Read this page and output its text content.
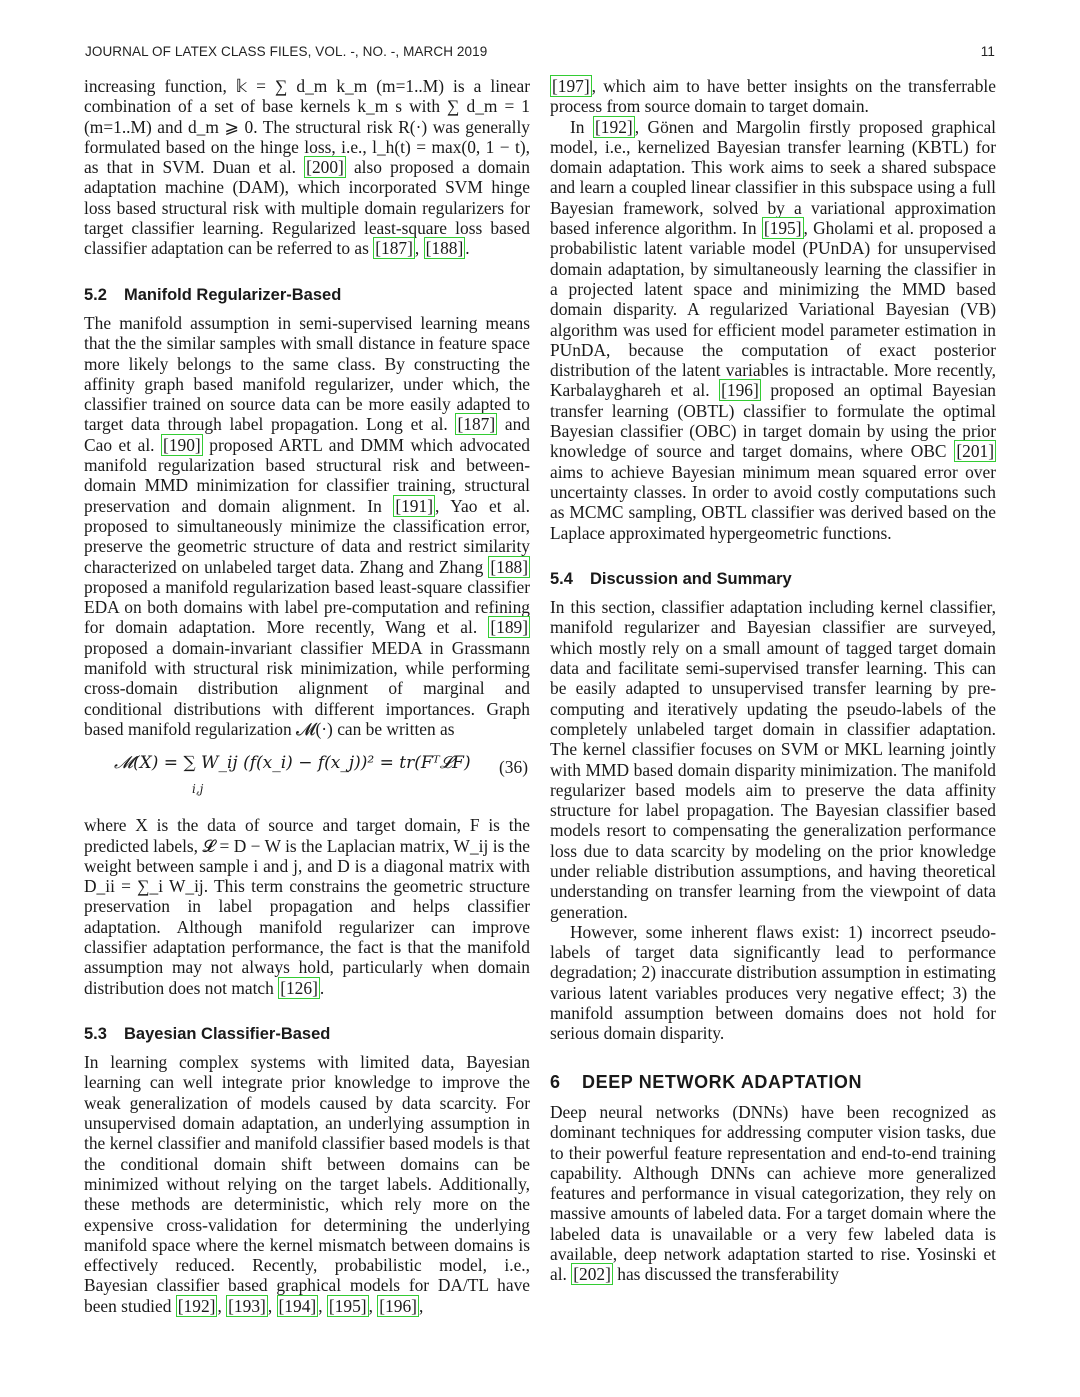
JOURNAL OF LATEX CLASS FILES, VOL. -, NO. -, MARCH 2019	11

increasing function, 𝕜 = ∑ d_m k_m (m=1..M) is a linear combination of a set of base kernels k_m s with ∑ d_m = 1 (m=1..M) and d_m ⩾ 0. The structural risk R(·) was generally formulated based on the hinge loss, i.e., l_h(t) = max(0, 1 − t), as that in SVM. Duan et al. [200] also proposed a domain adaptation machine (DAM), which incorporated SVM hinge loss based structural risk with multiple domain regularizers for target classifier learning. Regularized least-square loss based classifier adaptation can be referred to as [187] , [188] .

5.2 Manifold Regularizer-Based

The manifold assumption in semi-supervised learning means that the the similar samples with small distance in feature space more likely belongs to the same class. By constructing the affinity graph based manifold regularizer, under which, the classifier trained on source data can be more easily adapted to target data through label propagation. Long et al. [187] and Cao et al. [190] proposed ARTL and DMM which advocated manifold regularization based structural risk and between-domain MMD minimization for classifier training, structural preservation and domain alignment. In [191] , Yao et al. proposed to simultaneously minimize the classification error, preserve the geometric structure of data and restrict similarity characterized on unlabeled target data. Zhang and Zhang [188] proposed a manifold regularization based least-square classifier EDA on both domains with label pre-computation and refining for domain adaptation. More recently, Wang et al. [189] proposed a domain-invariant classifier MEDA in Grassmann manifold with structural risk minimization, while performing cross-domain distribution alignment of marginal and conditional distributions with different importances. Graph based manifold regularization 𝓜(·) can be written as

𝓜(X) = ∑ W_ij (f(x_i) − f(x_j))² = tr(Fᵀ𝓛F)
i,j
(36)

where X is the data of source and target domain, F is the predicted labels, 𝓛 = D − W is the Laplacian matrix, W_ij is the weight between sample i and j, and D is a diagonal matrix with D_ii = ∑_i W_ij. This term constrains the geometric structure preservation in label propagation and helps classifier adaptation. Although manifold regularizer can improve classifier adaptation performance, the fact is that the manifold assumption may not always hold, particularly when domain distribution does not match [126] .

5.3 Bayesian Classifier-Based

In learning complex systems with limited data, Bayesian learning can well integrate prior knowledge to improve the weak generalization of models caused by data scarcity. For unsupervised domain adaptation, an underlying assumption in the kernel classifier and manifold classifier based models is that the conditional domain shift between domains can be minimized without relying on the target labels. Additionally, these methods are deterministic, which rely more on the expensive cross-validation for determining the underlying manifold space where the kernel mismatch between domains is effectively reduced. Recently, probabilistic model, i.e., Bayesian classifier based graphical models for DA/TL have been studied [192] , [193] , [194] , [195] , [196] ,

[197] , which aim to have better insights on the transferrable process from source domain to target domain.

In [192] , Gönen and Margolin firstly proposed graphical model, i.e., kernelized Bayesian transfer learning (KBTL) for domain adaptation. This work aims to seek a shared subspace and learn a coupled linear classifier in this subspace using a full Bayesian framework, solved by a variational approximation based inference algorithm. In [195] , Gholami et al. proposed a probabilistic latent variable model (PUnDA) for unsupervised domain adaptation, by simultaneously learning the classifier in a projected latent space and minimizing the MMD based domain disparity. A regularized Variational Bayesian (VB) algorithm was used for efficient model parameter estimation in PUnDA, because the computation of exact posterior distribution of the latent variables is intractable. More recently, Karbalayghareh et al. [196] proposed an optimal Bayesian transfer learning (OBTL) classifier to formulate the optimal Bayesian classifier (OBC) in target domain by using the prior knowledge of source and target domains, where OBC [201] aims to achieve Bayesian minimum mean squared error over uncertainty classes. In order to avoid costly computations such as MCMC sampling, OBTL classifier was derived based on the Laplace approximated hypergeometric functions.

5.4 Discussion and Summary

In this section, classifier adaptation including kernel classifier, manifold regularizer and Bayesian classifier are surveyed, which mostly rely on a small amount of tagged target domain data and facilitate semi-supervised transfer learning. This can be easily adapted to unsupervised transfer learning by pre-computing and iteratively updating the pseudo-labels of the completely unlabeled target domain in classifier adaptation. The kernel classifier focuses on SVM or MKL learning jointly with MMD based domain disparity minimization. The manifold regularizer based models aim to preserve the data affinity structure for label propagation. The Bayesian classifier based models resort to compensating the generalization performance loss due to data scarcity by modeling on the prior knowledge under reliable distribution assumptions, and having theoretical understanding on transfer learning from the viewpoint of data generation.

However, some inherent flaws exist: 1) incorrect pseudo-labels of target data significantly lead to performance degradation; 2) inaccurate distribution assumption in estimating various latent variables produces very negative effect; 3) the manifold assumption between domains does not hold for serious domain disparity.

6 DEEP NETWORK ADAPTATION

Deep neural networks (DNNs) have been recognized as dominant techniques for addressing computer vision tasks, due to their powerful feature representation and end-to-end training capability. Although DNNs can achieve more generalized features and performance in visual categorization, they rely on massive amounts of labeled data. For a target domain where the labeled data is unavailable or a very few labeled data is available, deep network adaptation started to rise. Yosinski et al. [202] has discussed the transferability
